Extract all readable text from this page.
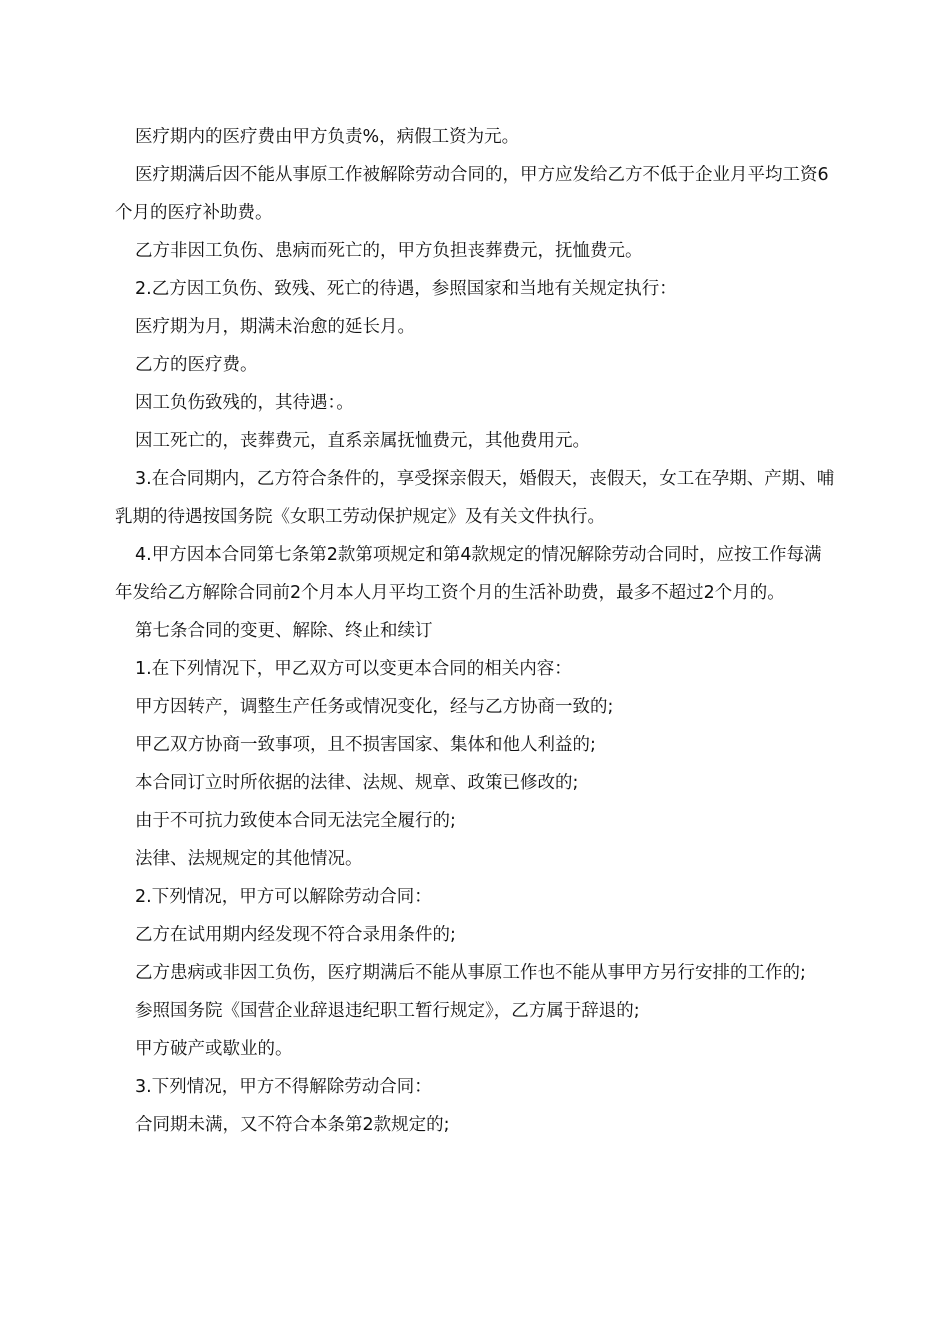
医疗期内的医疗费由甲方负责%，病假工资为元。

医疗期满后因不能从事原工作被解除劳动合同的，甲方应发给乙方不低于企业月平均工资6个月的医疗补助费。

乙方非因工负伤、患病而死亡的，甲方负担丧葬费元，抚恤费元。

2.乙方因工负伤、致残、死亡的待遇，参照国家和当地有关规定执行：

医疗期为月，期满未治愈的延长月。

乙方的医疗费。

因工负伤致残的，其待遇：。

因工死亡的，丧葬费元，直系亲属抚恤费元，其他费用元。

3.在合同期内，乙方符合条件的，享受探亲假天，婚假天，丧假天，女工在孕期、产期、哺乳期的待遇按国务院《女职工劳动保护规定》及有关文件执行。

4.甲方因本合同第七条第2款第项规定和第4款规定的情况解除劳动合同时，应按工作每满年发给乙方解除合同前2个月本人月平均工资个月的生活补助费，最多不超过2个月的。

第七条合同的变更、解除、终止和续订

1.在下列情况下，甲乙双方可以变更本合同的相关内容：

甲方因转产，调整生产任务或情况变化，经与乙方协商一致的;

甲乙双方协商一致事项，且不损害国家、集体和他人利益的;

本合同订立时所依据的法律、法规、规章、政策已修改的;

由于不可抗力致使本合同无法完全履行的;

法律、法规规定的其他情况。

2.下列情况，甲方可以解除劳动合同：

乙方在试用期内经发现不符合录用条件的;

乙方患病或非因工负伤，医疗期满后不能从事原工作也不能从事甲方另行安排的工作的;

参照国务院《国营企业辞退违纪职工暂行规定》，乙方属于辞退的;

甲方破产或歇业的。

3.下列情况，甲方不得解除劳动合同：

合同期未满，又不符合本条第2款规定的;
